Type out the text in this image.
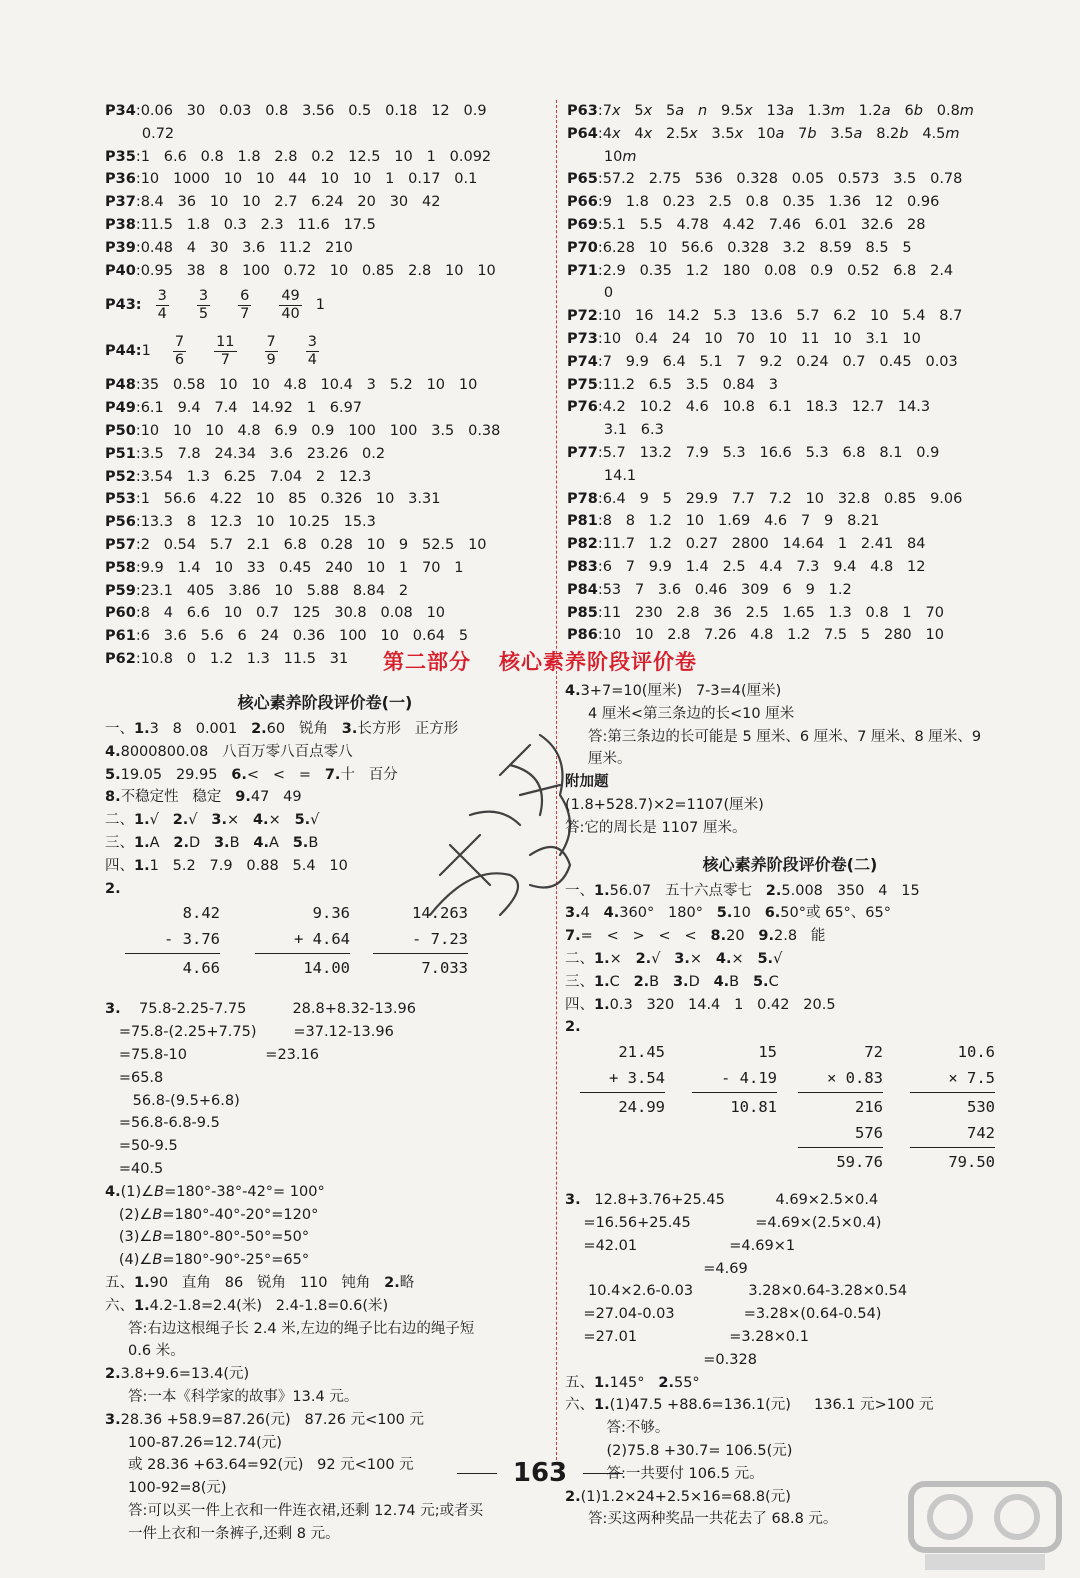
P34:0.06   30   0.03   0.8   3.56   0.5   0.18   12   0.9
0.72
P35:1   6.6   0.8   1.8   2.8   0.2   12.5   10   1   0.092
P36:10   1000   10   10   44   10   10   1   0.17   0.1
P37:8.4   36   10   10   2.7   6.24   20   30   42
P38:11.5   1.8   0.3   2.3   11.6   17.5
P39:0.48   4   30   3.6   11.2   210
P40:0.95   38   8   100   0.72   10   0.85   2.8   10   10
P43: $\frac{3}{4} \frac{3}{5} \frac{6}{7} \frac{49}{40} 1$
P44: $1 \frac{7}{6} \frac{11}{7} \frac{7}{9} \frac{3}{4}$
P48:35   0.58   10   10   4.8   10.4   3   5.2   10   10
P49:6.1   9.4   7.4   14.92   1   6.97
P50:10   10   10   4.8   6.9   0.9   100   100   3.5   0.38
P51:3.5   7.8   24.34   3.6   23.26   0.2
P52:3.54   1.3   6.25   7.04   2   12.3
P53:1   56.6   4.22   10   85   0.326   10   3.31
P56:13.3   8   12.3   10   10.25   15.3
P57:2   0.54   5.7   2.1   6.8   0.28   10   9   52.5   10
P58:9.9   1.4   10   33   0.45   240   10   1   70   1
P59:23.1   405   3.86   10   5.88   8.84   2
P60:8   4   6.6   10   0.7   125   30.8   0.08   10
P61:6   3.6   5.6   6   24   0.36   100   10   0.64   5
P62:10.8   0   1.2   1.3   11.5   31
P63:7x   5x   5a n   9.5x   13a   1.3m   1.2a   6b   0.8m
P64:4x   4x   2.5x   3.5x   10a   7b   3.5a   8.2b   4.5m
10m
P65:57.2   2.75   536   0.328   0.05   0.573   3.5   0.78
P66:9   1.8   0.23   2.5   0.8   0.35   1.36   12   0.96
P69:5.1   5.5   4.78   4.42   7.46   6.01   32.6   28
P70:6.28   10   56.6   0.328   3.2   8.59   8.5   5
P71:2.9   0.35   1.2   180   0.08   0.9   0.52   6.8   2.4
0
P72:10   16   14.2   5.3   13.6   5.7   6.2   10   5.4   8.7
P73:10   0.4   24   10   70   10   11   10   3.1   10
P74:7   9.9   6.4   5.1   7   9.2   0.24   0.7   0.45   0.03
P75:11.2   6.5   3.5   0.84   3
P76:4.2   10.2   4.6   10.8   6.1   18.3   12.7   14.3
3.1   6.3
P77:5.7   13.2   7.9   5.3   16.6   5.3   6.8   8.1   0.9
14.1
P78:6.4   9   5   29.9   7.7   7.2   10   32.8   0.85   9.06
P81:8   8   1.2   10   1.69   4.6   7   9   8.21
P82:11.7   1.2   0.27   2800   14.64   1   2.41   84
P83:6   7   9.9   1.4   2.5   4.4   7.3   9.4   4.8   12
P84:53   7   3.6   0.46   309   6   9   1.2
P85:11   230   2.8   36   2.5   1.65   1.3   0.8   1   70
P86:10   10   2.8   7.26   4.8   1.2   7.5   5   280   10
第二部分 核心素养阶段评价卷
核心素养阶段评价卷(一)
一、1.3   8   0.001   2.60   锐角   3.长方形   正方形
4.8000800.08   八百万零八百点零八
5.19.05   29.95   6.<   <   =   7.十   百分
8.不稳定性   稳定   9.47   49
二、1.√   2.√   3.×   4.×   5.√
三、1.A   2.D   3.B   4.A   5.B
四、1.1   5.2   7.9   0.88   5.4   10
2.
8.42
- 3.76
4.66
9.36
+ 4.64
14.00
14.263
- 7.23
7.033
3.    75.8-2.25-7.75          28.8+8.32-13.96
=75.8-(2.25+7.75)        =37.12-13.96
=75.8-10                 =23.16
=65.8
56.8-(9.5+6.8)
=56.8-6.8-9.5
=50-9.5
=40.5
4.(1)∠B=180°-38°-42°= 100°
(2)∠B=180°-40°-20°=120°
(3)∠B=180°-80°-50°=50°
(4)∠B=180°-90°-25°=65°
五、1.90   直角   86   锐角   110   钝角   2.略
六、1.4.2-1.8=2.4(米)   2.4-1.8=0.6(米)
答:右边这根绳子长 2.4 米,左边的绳子比右边的绳子短
0.6 米。
2.3.8+9.6=13.4(元)
答:一本《科学家的故事》13.4 元。
3.28.36 +58.9=87.26(元)   87.26 元<100 元
100-87.26=12.74(元)
或 28.36 +63.64=92(元)   92 元<100 元
100-92=8(元)
答:可以买一件上衣和一件连衣裙,还剩 12.74 元;或者买
一件上衣和一条裤子,还剩 8 元。
4.3+7=10(厘米)   7-3=4(厘米)
4 厘米<第三条边的长<10 厘米
答:第三条边的长可能是 5 厘米、6 厘米、7 厘米、8 厘米、9
厘米。
附加题
(1.8+528.7)×2=1107(厘米)
答:它的周长是 1107 厘米。
核心素养阶段评价卷(二)
一、1.56.07   五十六点零七   2.5.008   350   4   15
3.4   4.360°   180°   5.10   6.50°或 65°、65°
7.=   <   >   <   <   8.20   9.2.8   能
二、1.×   2.√   3.×   4.×   5.√
三、1.C   2.B   3.D   4.B   5.C
四、1.0.3   320   14.4   1   0.42   20.5
2.
21.45
+ 3.54
24.99
15
- 4.19
10.81
72
× 0.83
216
576
59.76
10.6
× 7.5
530
742
79.50
3.   12.8+3.76+25.45           4.69×2.5×0.4
=16.56+25.45              =4.69×(2.5×0.4)
=42.01                    =4.69×1
=4.69
10.4×2.6-0.03            3.28×0.64-3.28×0.54
=27.04-0.03               =3.28×(0.64-0.54)
=27.01                    =3.28×0.1
=0.328
五、1.145°   2.55°
六、1.(1)47.5 +88.6=136.1(元)     136.1 元>100 元
答:不够。
(2)75.8 +30.7= 106.5(元)
答:一共要付 106.5 元。
2.(1)1.2×24+2.5×16=68.8(元)
答:买这两种奖品一共花去了 68.8 元。
163
